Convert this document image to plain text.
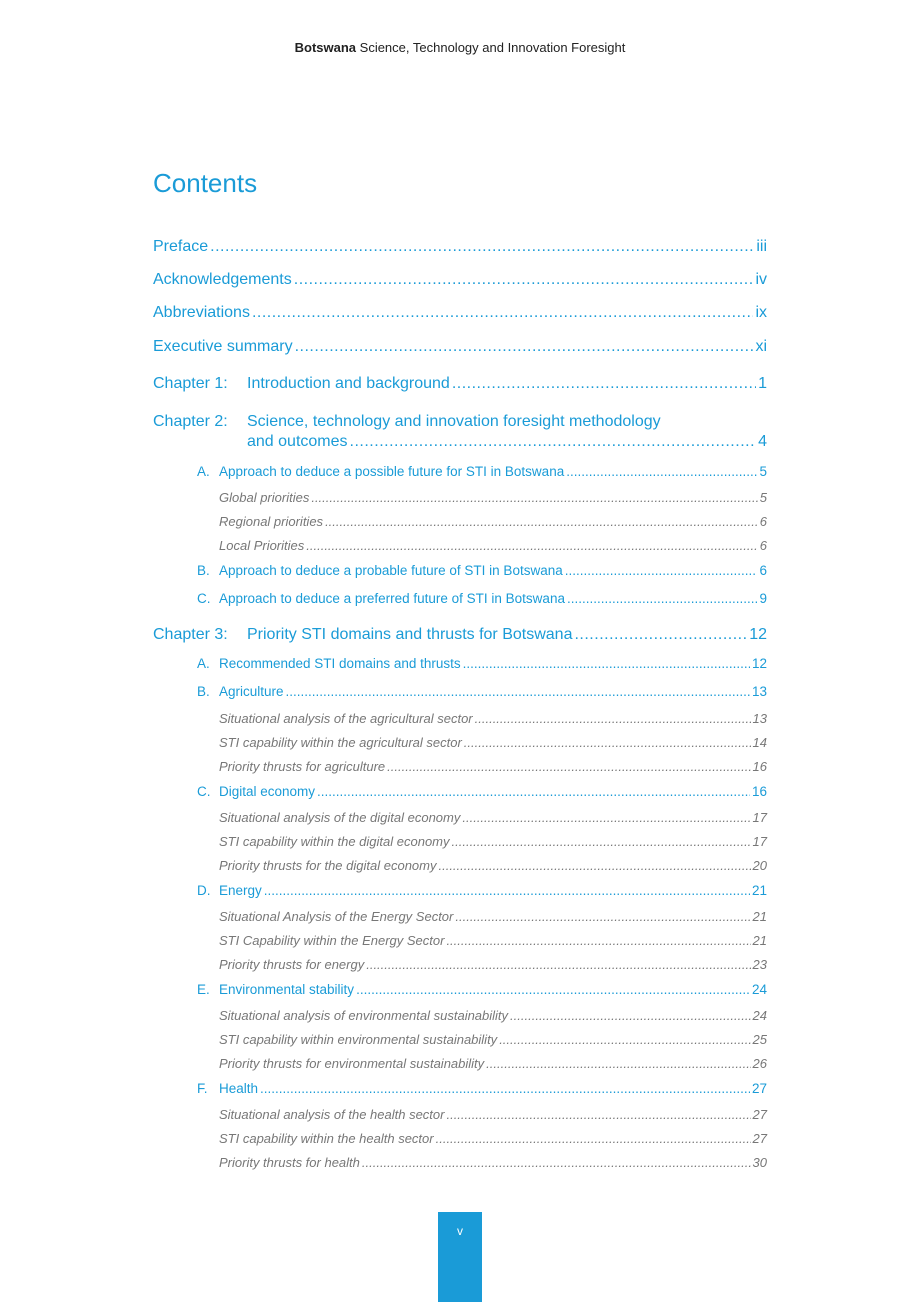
Botswana Science, Technology and Innovation Foresight
Contents
Preface .....	iii
Acknowledgements .....	iv
Abbreviations .....	ix
Executive summary .....	xi
Chapter 1: Introduction and background .....	1
Chapter 2: Science, technology and innovation foresight methodology
and outcomes .....	4
A. Approach to deduce a possible future for STI in Botswana .....	5
Global priorities .....	5
Regional priorities .....	6
Local Priorities .....	6
B. Approach to deduce a probable future of STI in Botswana .....	6
C. Approach to deduce a preferred future of STI in Botswana .....	9
Chapter 3: Priority STI domains and thrusts for Botswana .....	12
A. Recommended STI domains and thrusts .....	12
B. Agriculture .....	13
Situational analysis of the agricultural sector .....	13
STI capability within the agricultural sector .....	14
Priority thrusts for agriculture .....	16
C. Digital economy .....	16
Situational analysis of the digital economy .....	17
STI capability within the digital economy .....	17
Priority thrusts for the digital economy .....	20
D. Energy .....	21
Situational Analysis of the Energy Sector .....	21
STI Capability within the Energy Sector .....	21
Priority thrusts for energy .....	23
E. Environmental stability .....	24
Situational analysis of environmental sustainability .....	24
STI capability within environmental sustainability .....	25
Priority thrusts for environmental sustainability .....	26
F. Health .....	27
Situational analysis of the health sector .....	27
STI capability within the health sector .....	27
Priority thrusts for health .....	30
v
